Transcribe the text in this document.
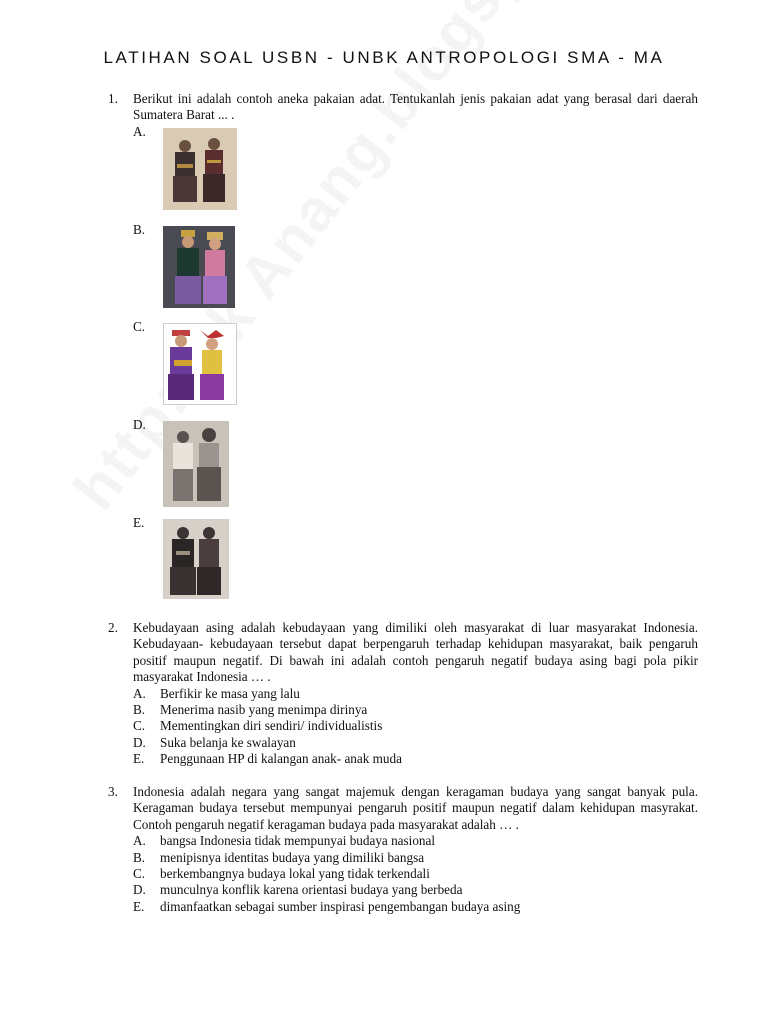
LATIHAN SOAL USBN - UNBK ANTROPOLOGI SMA - MA
1. Berikut ini adalah contoh aneka pakaian adat. Tentukanlah jenis pakaian adat yang berasal dari daerah Sumatera Barat ... .
A.
B.
C.
D.
E.
2. Kebudayaan asing adalah kebudayaan yang dimiliki oleh masyarakat di luar masyarakat Indonesia. Kebudayaan- kebudayaan tersebut dapat berpengaruh terhadap kehidupan masyarakat, baik pengaruh positif maupun negatif. Di bawah ini adalah contoh pengaruh negatif budaya asing bagi pola pikir masyarakat Indonesia … .
A.	Berfikir ke masa yang lalu
B.	Menerima nasib yang menimpa dirinya
C.	Mementingkan diri sendiri/ individualistis
D.	Suka belanja ke swalayan
E.	Penggunaan HP di kalangan anak- anak muda
3. Indonesia adalah negara yang sangat majemuk dengan keragaman budaya yang sangat banyak pula. Keragaman budaya tersebut mempunyai pengaruh positif maupun negatif dalam kehidupan masyrakat. Contoh pengaruh negatif keragaman budaya pada masyarakat adalah … .
A.	bangsa Indonesia tidak mempunyai budaya nasional
B.	menipisnya identitas budaya yang dimiliki bangsa
C.	berkembangnya budaya lokal yang tidak terkendali
D.	munculnya konflik karena orientasi budaya yang berbeda
E.	dimanfaatkan sebagai sumber inspirasi pengembangan budaya asing
